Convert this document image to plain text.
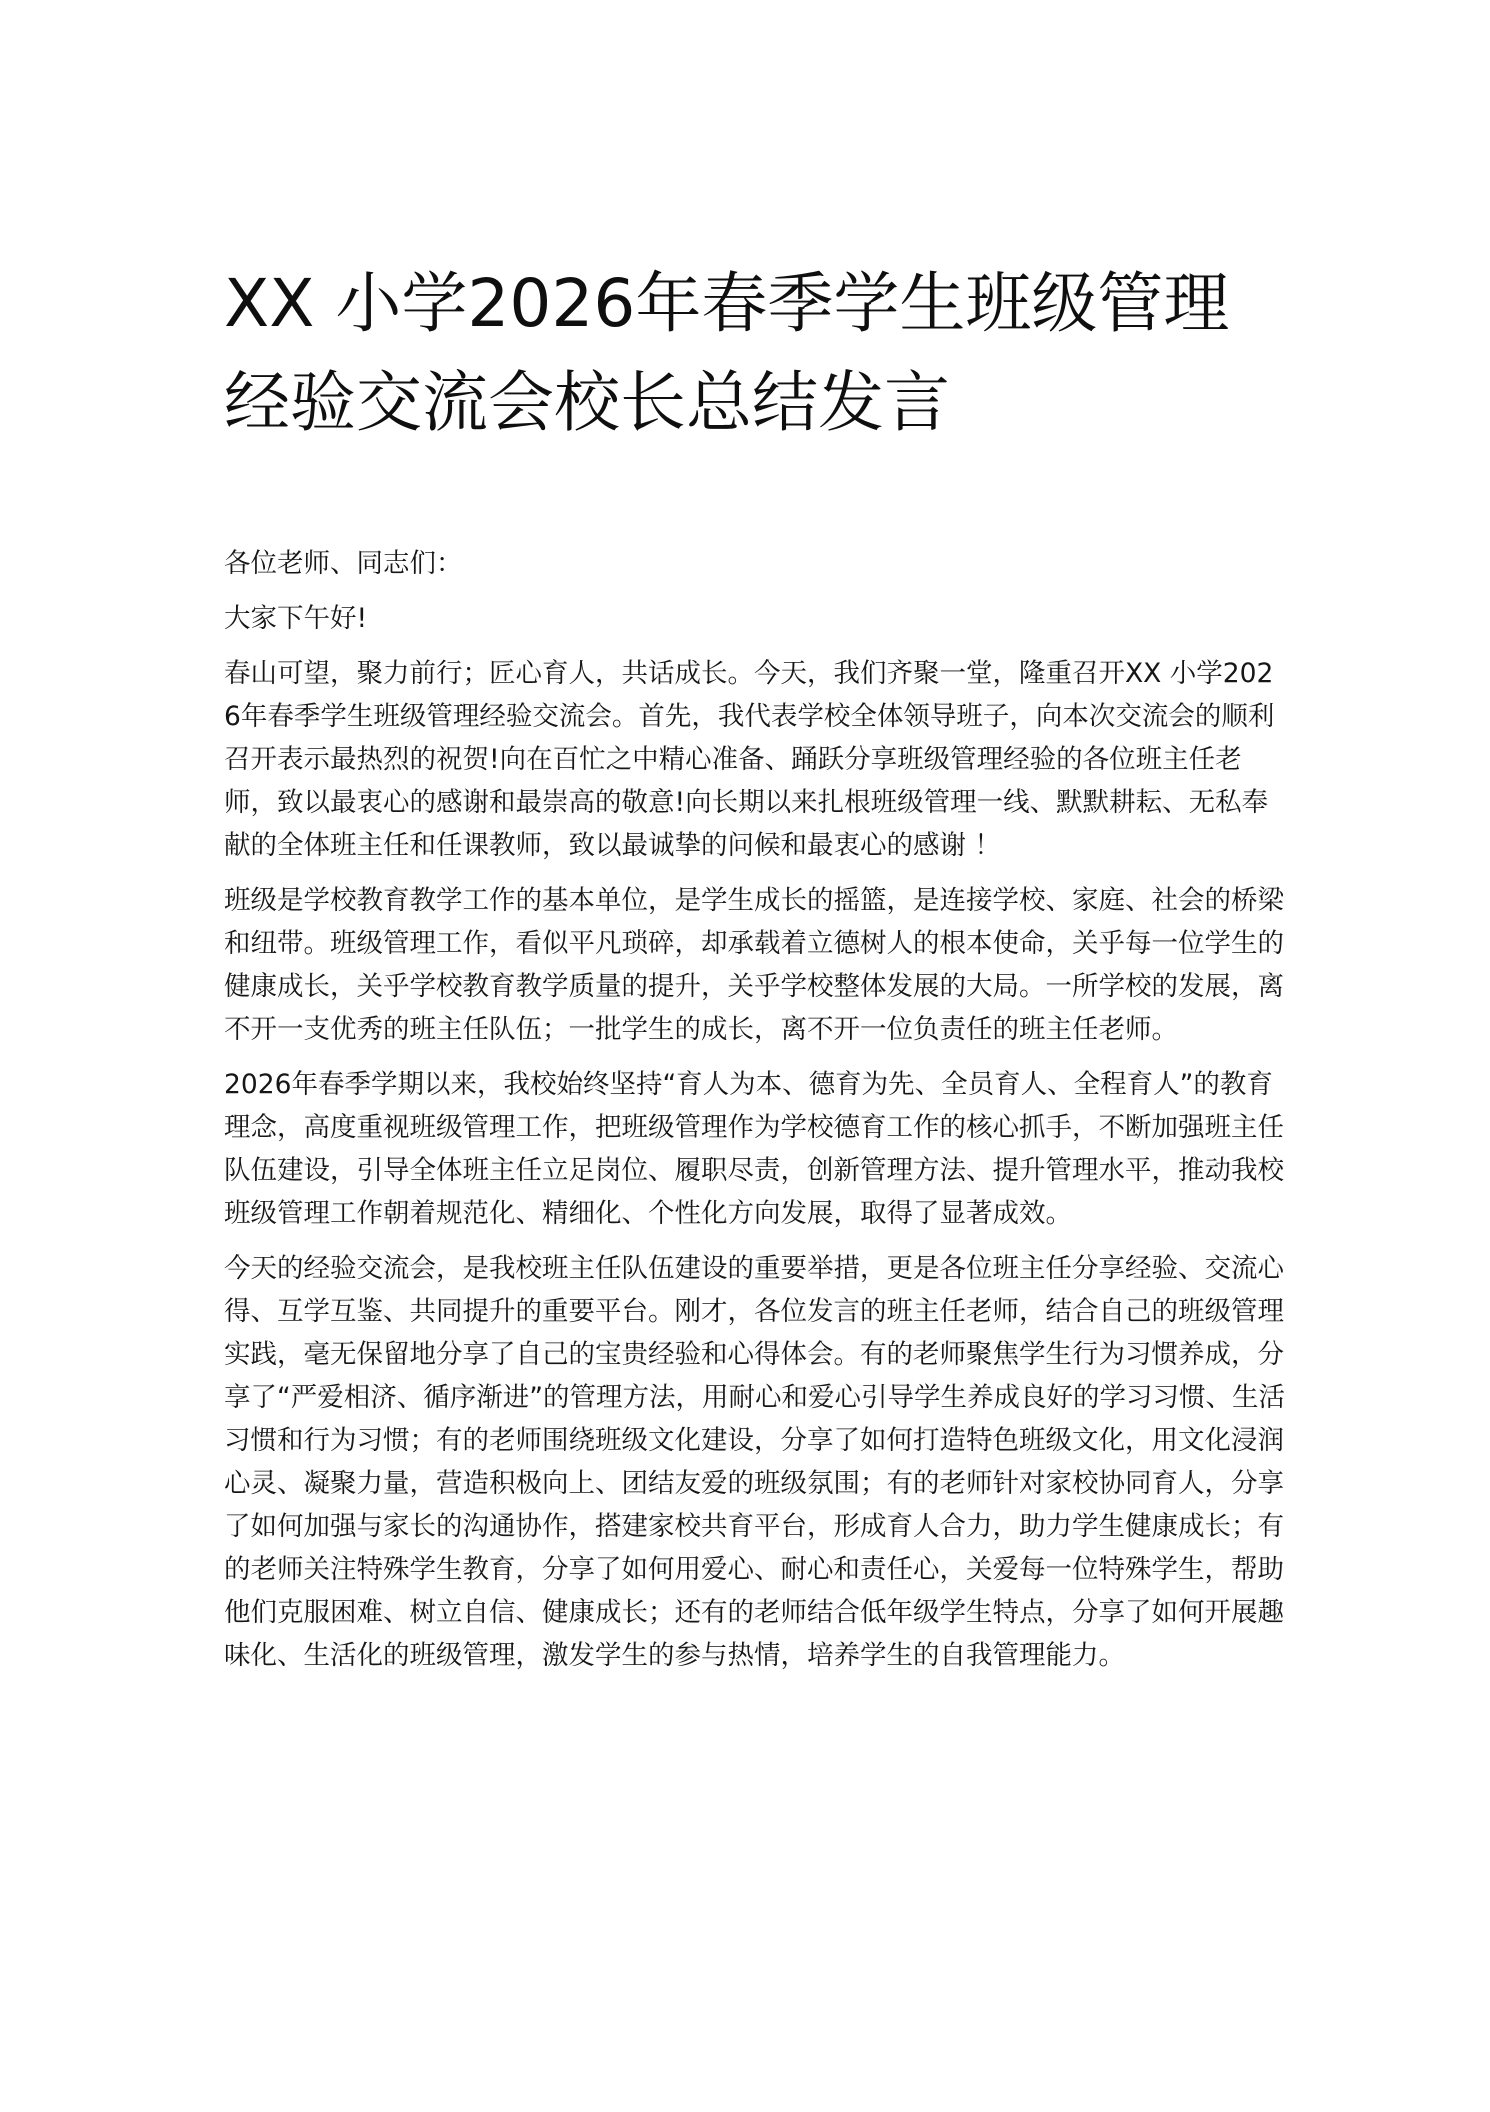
XX 小学2026年春季学生班级管理
经验交流会校长总结发言

各位老师、同志们：

大家下午好!

春山可望，聚力前行；匠心育人，共话成长。今天，我们齐聚一堂，隆重召开XX 小学2026年春季学生班级管理经验交流会。首先，我代表学校全体领导班子，向本次交流会的顺利召开表示最热烈的祝贺!向在百忙之中精心准备、踊跃分享班级管理经验的各位班主任老师，致以最衷心的感谢和最崇高的敬意!向长期以来扎根班级管理一线、默默耕耘、无私奉献的全体班主任和任课教师，致以最诚挚的问候和最衷心的感谢 ！

班级是学校教育教学工作的基本单位，是学生成长的摇篮，是连接学校、家庭、社会的桥梁和纽带。班级管理工作，看似平凡琐碎，却承载着立德树人的根本使命，关乎每一位学生的健康成长，关乎学校教育教学质量的提升，关乎学校整体发展的大局。一所学校的发展，离不开一支优秀的班主任队伍；一批学生的成长，离不开一位负责任的班主任老师。

2026年春季学期以来，我校始终坚持“育人为本、德育为先、全员育人、全程育人”的教育理念，高度重视班级管理工作，把班级管理作为学校德育工作的核心抓手，不断加强班主任队伍建设，引导全体班主任立足岗位、履职尽责，创新管理方法、提升管理水平，推动我校班级管理工作朝着规范化、精细化、个性化方向发展，取得了显著成效。

今天的经验交流会，是我校班主任队伍建设的重要举措，更是各位班主任分享经验、交流心得、互学互鉴、共同提升的重要平台。刚才，各位发言的班主任老师，结合自己的班级管理实践，毫无保留地分享了自己的宝贵经验和心得体会。有的老师聚焦学生行为习惯养成，分享了“严爱相济、循序渐进”的管理方法，用耐心和爱心引导学生养成良好的学习习惯、生活习惯和行为习惯；有的老师围绕班级文化建设，分享了如何打造特色班级文化，用文化浸润心灵、凝聚力量，营造积极向上、团结友爱的班级氛围；有的老师针对家校协同育人，分享了如何加强与家长的沟通协作，搭建家校共育平台，形成育人合力，助力学生健康成长；有的老师关注特殊学生教育，分享了如何用爱心、耐心和责任心，关爱每一位特殊学生，帮助他们克服困难、树立自信、健康成长；还有的老师结合低年级学生特点，分享了如何开展趣味化、生活化的班级管理，激发学生的参与热情，培养学生的自我管理能力。
